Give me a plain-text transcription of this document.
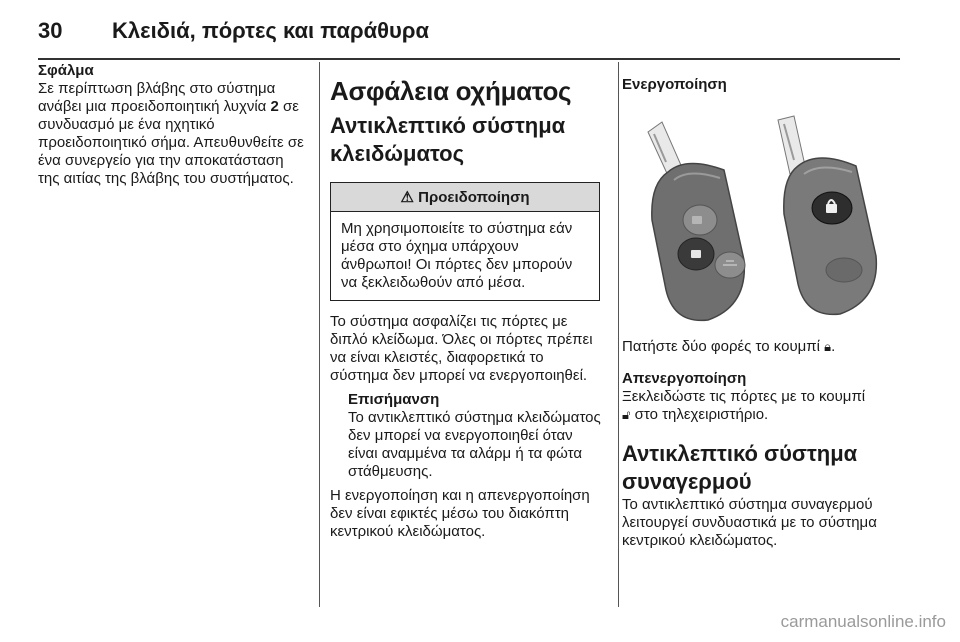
30 Κλειδιά, πόρτες και παράθυρα

Σφάλμα

Σε περίπτωση βλάβης στο σύστημα ανάβει μια προειδοποιητική λυχνία 2 σε συνδυασμό με ένα ηχητικό προειδοποιητικό σήμα. Απευθυνθείτε σε ένα συνεργείο για την αποκατάσταση της αιτίας της βλάβης του συστήματος.

Ασφάλεια οχήματος
Αντικλεπτικό σύστημα κλειδώματος
⚠ Προειδοποίηση
Μη χρησιμοποιείτε το σύστημα εάν μέσα στο όχημα υπάρχουν άνθρωποι! Οι πόρτες δεν μπορούν να ξεκλειδωθούν από μέσα.

Το σύστημα ασφαλίζει τις πόρτες με διπλό κλείδωμα. Όλες οι πόρτες πρέπει να είναι κλειστές, διαφορετικά το σύστημα δεν μπορεί να ενεργοποιηθεί.

Επισήμανση

Το αντικλεπτικό σύστημα κλειδώματος δεν μπορεί να ενεργοποιηθεί όταν είναι αναμμένα τα αλάρμ ή τα φώτα στάθμευσης.

Η ενεργοποίηση και η απενεργοποίηση δεν είναι εφικτές μέσω του διακόπτη κεντρικού κλειδώματος.

Ενεργοποίηση

Πατήστε δύο φορές το κουμπί 🔒︎.

Απενεργοποίηση

Ξεκλειδώστε τις πόρτες με το κουμπί
🔓︎ στο τηλεχειριστήριο.

Αντικλεπτικό σύστημα συναγερμού

Το αντικλεπτικό σύστημα συναγερμού λειτουργεί συνδυαστικά με το σύστημα κεντρικού κλειδώματος.

carmanualsonline.info
